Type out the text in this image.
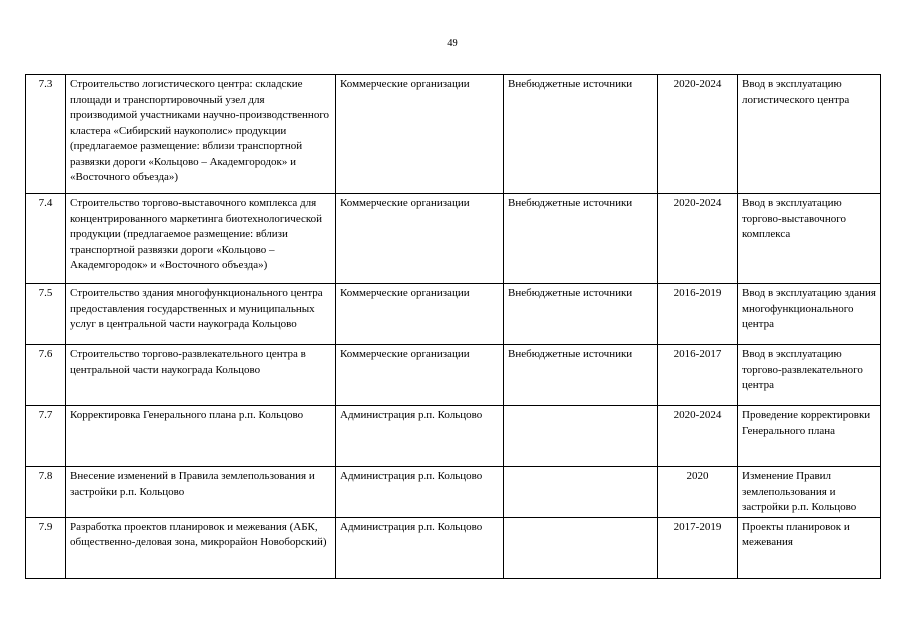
49
7.3	Строительство логистического центра: складские площади и транспортировочный узел для производимой участниками научно-производственного кластера «Сибирский наукополис» продукции (предлагаемое размещение: вблизи транспортной развязки дороги «Кольцово – Академгородок» и «Восточного объезда»)	Коммерческие организации	Внебюджетные источники	2020-2024	Ввод в эксплуатацию логистического центра
7.4	Строительство торгово-выставочного комплекса для концентрированного маркетинга биотехнологической продукции (предлагаемое размещение: вблизи транспортной развязки дороги «Кольцово – Академгородок» и «Восточного объезда»)	Коммерческие организации	Внебюджетные источники	2020-2024	Ввод в эксплуатацию торгово-выставочного комплекса
7.5	Строительство здания многофункционального центра предоставления государственных и муниципальных услуг в центральной части наукограда Кольцово	Коммерческие организации	Внебюджетные источники	2016-2019	Ввод в эксплуатацию здания многофункционального центра
7.6	Строительство торгово-развлекательного центра в центральной части наукограда Кольцово	Коммерческие организации	Внебюджетные источники	2016-2017	Ввод в эксплуатацию торгово-развлекательного центра
7.7	Корректировка Генерального плана р.п. Кольцово	Администрация р.п. Кольцово		2020-2024	Проведение корректировки Генерального плана
7.8	Внесение изменений в Правила землепользования и застройки р.п. Кольцово	Администрация р.п. Кольцово		2020	Изменение Правил землепользования и застройки р.п. Кольцово
7.9	Разработка проектов планировок и межевания (АБК, общественно-деловая зона, микрорайон Новоборский)	Администрация р.п. Кольцово		2017-2019	Проекты планировок и межевания
